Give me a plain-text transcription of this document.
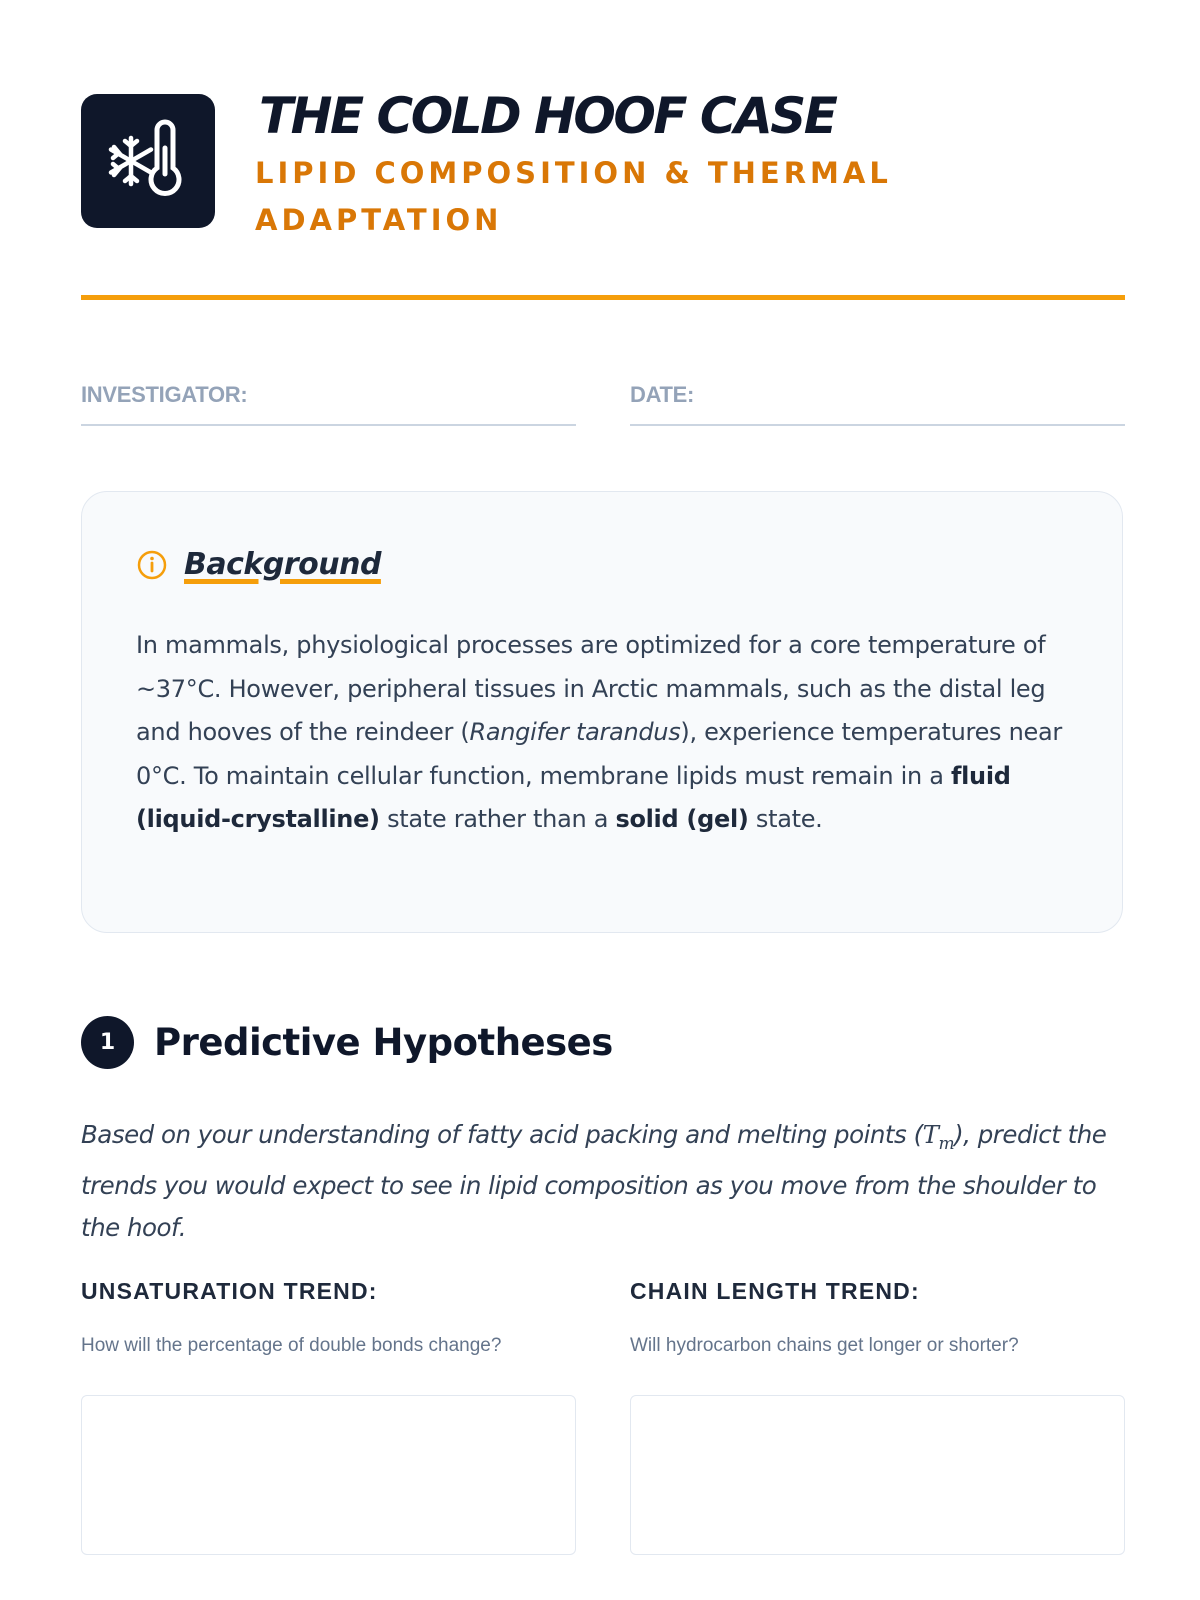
THE COLD HOOF CASE
LIPID COMPOSITION & THERMAL ADAPTATION
INVESTIGATOR:	DATE:
Background

In mammals, physiological processes are optimized for a core temperature of ~37°C. However, peripheral tissues in Arctic mammals, such as the distal leg and hooves of the reindeer (Rangifer tarandus), experience temperatures near 0°C. To maintain cellular function, membrane lipids must remain in a fluid (liquid-crystalline) state rather than a solid (gel) state.

1	Predictive Hypotheses

Based on your understanding of fatty acid packing and melting points $(T_m)$, predict the trends you would expect to see in lipid composition as you move from the shoulder to the hoof.

UNSATURATION TREND:
How will the percentage of double bonds change?
CHAIN LENGTH TREND:
Will hydrocarbon chains get longer or shorter?
